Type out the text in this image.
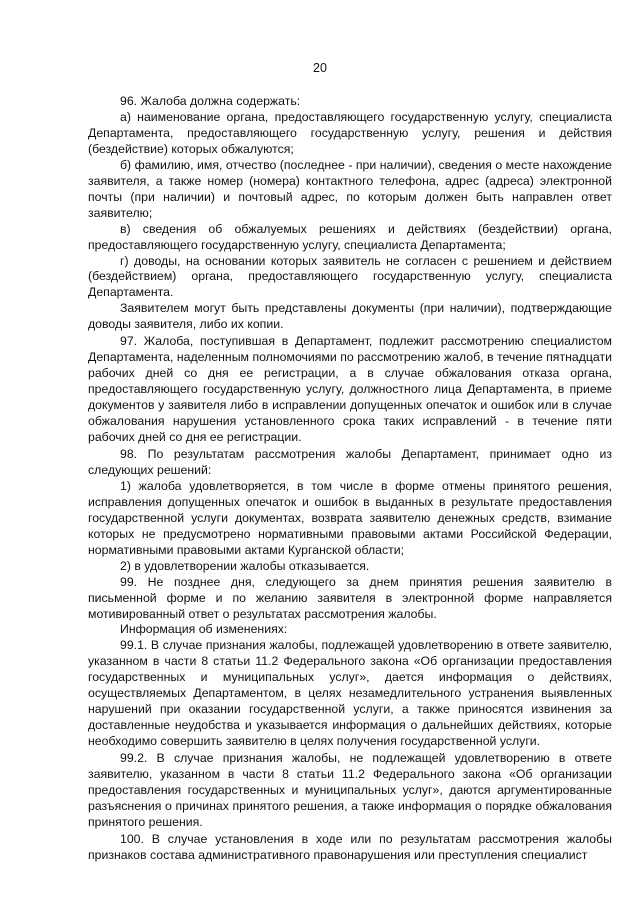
20

96. Жалоба должна содержать:

а) наименование органа, предоставляющего государственную услугу, специалиста Департамента, предоставляющего государственную услугу, решения и действия (бездействие) которых обжалуются;

б) фамилию, имя, отчество (последнее - при наличии), сведения о месте нахождение заявителя, а также номер (номера) контактного телефона, адрес (адреса) электронной почты (при наличии) и почтовый адрес, по которым должен быть направлен ответ заявителю;

в) сведения об обжалуемых решениях и действиях (бездействии) органа, предоставляющего государственную услугу, специалиста Департамента;

г) доводы, на основании которых заявитель не согласен с решением и действием (бездействием) органа, предоставляющего государственную услугу, специалиста Департамента.

Заявителем могут быть представлены документы (при наличии), подтверждающие доводы заявителя, либо их копии.

97. Жалоба, поступившая в Департамент, подлежит рассмотрению специалистом Департамента, наделенным полномочиями по рассмотрению жалоб, в течение пятнадцати рабочих дней со дня ее регистрации, а в случае обжалования отказа органа, предоставляющего государственную услугу, должностного лица Департамента, в приеме документов у заявителя либо в исправлении допущенных опечаток и ошибок или в случае обжалования нарушения установленного срока таких исправлений - в течение пяти рабочих дней со дня ее регистрации.

98. По результатам рассмотрения жалобы Департамент, принимает одно из следующих решений:

1) жалоба удовлетворяется, в том числе в форме отмены принятого решения, исправления допущенных опечаток и ошибок в выданных в результате предоставления государственной услуги документах, возврата заявителю денежных средств, взимание которых не предусмотрено нормативными правовыми актами Российской Федерации, нормативными правовыми актами Курганской области;

2) в удовлетворении жалобы отказывается.

99. Не позднее дня, следующего за днем принятия решения заявителю в письменной форме и по желанию заявителя в электронной форме направляется мотивированный ответ о результатах рассмотрения жалобы.

Информация об изменениях:

99.1. В случае признания жалобы, подлежащей удовлетворению в ответе заявителю, указанном в части 8 статьи 11.2 Федерального закона «Об организации предоставления государственных и муниципальных услуг», дается информация о действиях, осуществляемых Департаментом, в целях незамедлительного устранения выявленных нарушений при оказании государственной услуги, а также приносятся извинения за доставленные неудобства и указывается информация о дальнейших действиях, которые необходимо совершить заявителю в целях получения государственной услуги.

99.2. В случае признания жалобы, не подлежащей удовлетворению в ответе заявителю, указанном в части 8 статьи 11.2 Федерального закона «Об организации предоставления государственных и муниципальных услуг», даются аргументированные разъяснения о причинах принятого решения, а также информация о порядке обжалования принятого решения.

100. В случае установления в ходе или по результатам рассмотрения жалобы признаков состава административного правонарушения или преступления специалист
